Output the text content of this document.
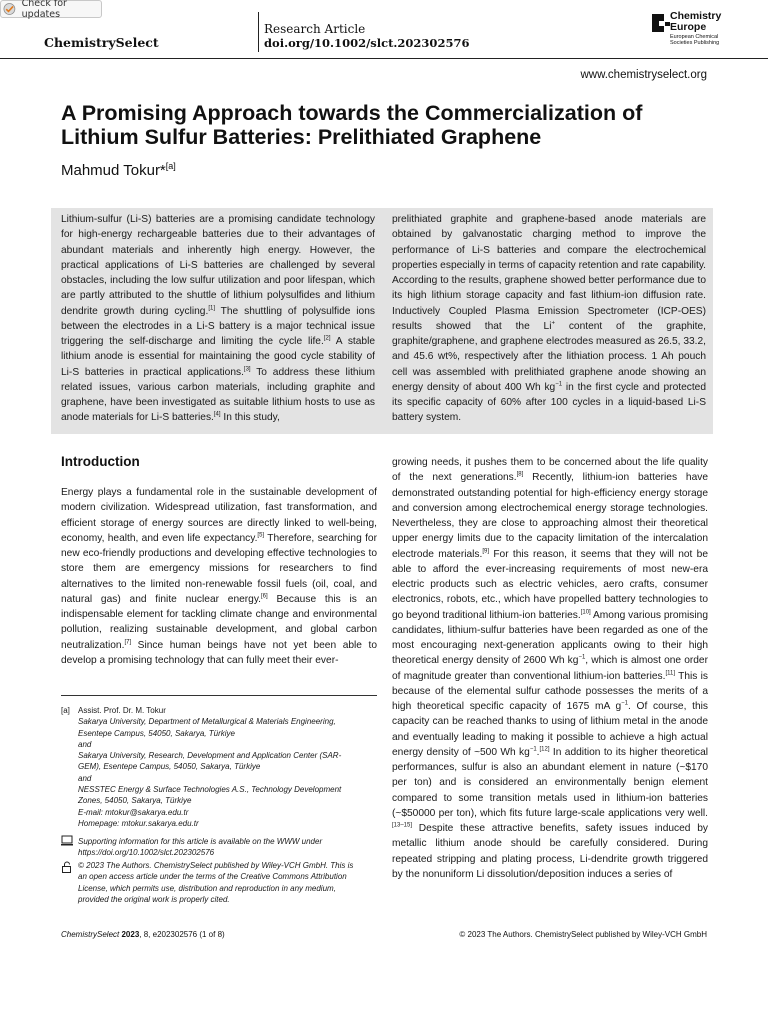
Check for updates
ChemistrySelect
Research Article
doi.org/10.1002/slct.202302576
Chemistry
Europe
European Chemical
Societies Publishing
www.chemistryselect.org
A Promising Approach towards the Commercialization of Lithium Sulfur Batteries: Prelithiated Graphene
Mahmud Tokur*[a]

Lithium-sulfur (Li-S) batteries are a promising candidate technology for high-energy rechargeable batteries due to their advantages of abundant materials and inherently high energy. However, the practical applications of Li-S batteries are challenged by several obstacles, including the low sulfur utilization and poor lifespan, which are partly attributed to the shuttle of lithium polysulfides and lithium dendrite growth during cycling.[1] The shuttling of polysulfide ions between the electrodes in a Li-S battery is a major technical issue triggering the self-discharge and limiting the cycle life.[2] A stable lithium anode is essential for maintaining the good cycle stability of Li-S batteries in practical applications.[3] To address these lithium related issues, various carbon materials, including graphite and graphene, have been investigated as suitable lithium hosts to use as anode materials for Li-S batteries.[4] In this study,

prelithiated graphite and graphene-based anode materials are obtained by galvanostatic charging method to improve the performance of Li-S batteries and compare the electrochemical properties especially in terms of capacity retention and rate capability. According to the results, graphene showed better performance due to its high lithium storage capacity and fast lithium-ion diffusion rate. Inductively Coupled Plasma Emission Spectrometer (ICP-OES) results showed that the Li+ content of the graphite, graphite/graphene, and graphene electrodes measured as 26.5, 33.2, and 45.6 wt%, respectively after the lithiation process. 1 Ah pouch cell was assembled with prelithiated graphene anode showing an energy density of about 400 Wh $kg^{-1}$ in the first cycle and protected its specific capacity of 60% after 100 cycles in a liquid-based Li-S battery system.

Introduction

Energy plays a fundamental role in the sustainable development of modern civilization. Widespread utilization, fast transformation, and efficient storage of energy sources are directly linked to well-being, economy, health, and even life expectancy.[5] Therefore, searching for new eco-friendly productions and developing effective technologies to store them are emergency missions for researchers to find alternatives to the limited non-renewable fossil fuels (oil, coal, and natural gas) and finite nuclear energy.[6] Because this is an indispensable element for tackling climate change and environmental pollution, realizing sustainable development, and global carbon neutralization.[7] Since human beings have not yet been able to develop a promising technology that can fully meet their ever-

growing needs, it pushes them to be concerned about the life quality of the next generations.[8] Recently, lithium-ion batteries have demonstrated outstanding potential for high-efficiency energy storage and conversion among electrochemical energy storage technologies. Nevertheless, they are close to approaching almost their theoretical upper energy limits due to the capacity limitation of the intercalation electrode materials.[9] For this reason, it seems that they will not be able to afford the ever-increasing requirements of most new-era electric products such as electric vehicles, aero crafts, consumer electronics, robots, etc., which have propelled battery technologies to go beyond traditional lithium-ion batteries.[10] Among various promising candidates, lithium-sulfur batteries have been regarded as one of the most encouraging next-generation applicants owing to their high theoretical energy density of 2600 Wh $kg^{-1}$, which is almost one order of magnitude greater than conventional lithium-ion batteries.[11] This is because of the elemental sulfur cathode possesses the merits of a high theoretical specific capacity of 1675 mA $g^{-1}$. Of course, this capacity can be reached thanks to using of lithium metal in the anode and eventually leading to making it possible to achieve a high actual energy density of ~500 Wh $kg^{-1}.[12]$ In addition to its higher theoretical performances, sulfur is also an abundant element in nature (~$170 per ton) and is considered an environmentally benign element compared to some transition metals used in lithium-ion batteries (~$50000 per ton), which fits future large-scale applications very well.[13–15] Despite these attractive benefits, safety issues induced by metallic lithium anode should be carefully considered. During repeated stripping and plating process, Li-dendrite growth triggered by the nonuniform Li dissolution/deposition induces a series of

[a] Assist. Prof. Dr. M. Tokur
Sakarya University, Department of Metallurgical & Materials Engineering,
Esentepe Campus, 54050, Sakarya, Türkiye
and
Sakarya University, Research, Development and Application Center (SAR-
GEM), Esentepe Campus, 54050, Sakarya, Türkiye
and
NESSTEC Energy & Surface Technologies A.S., Technology Development
Zones, 54050, Sakarya, Türkiye
E-mail: mtokur@sakarya.edu.tr
Homepage: mtokur.sakarya.edu.tr
Supporting information for this article is available on the WWW under
https://doi.org/10.1002/slct.202302576
© 2023 The Authors. ChemistrySelect published by Wiley-VCH GmbH. This is
an open access article under the terms of the Creative Commons Attribution
License, which permits use, distribution and reproduction in any medium,
provided the original work is properly cited.
ChemistrySelect 2023, 8, e202302576 (1 of 8)	© 2023 The Authors. ChemistrySelect published by Wiley-VCH GmbH
